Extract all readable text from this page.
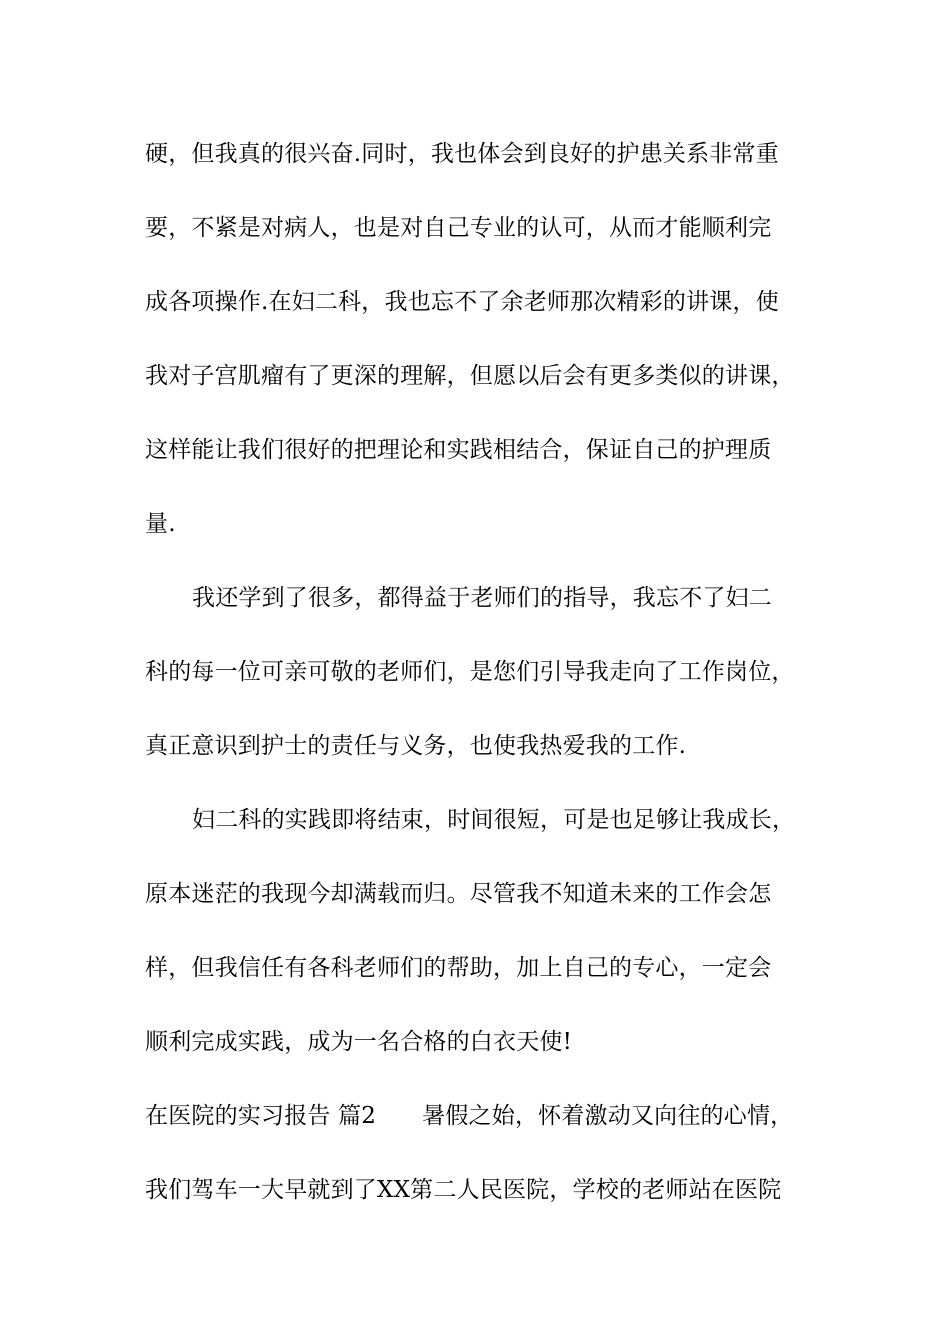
硬，但我真的很兴奋.同时，我也体会到良好的护患关系非常重
要，不紧是对病人，也是对自己专业的认可，从而才能顺利完
成各项操作.在妇二科，我也忘不了余老师那次精彩的讲课，使
我对子宫肌瘤有了更深的理解，但愿以后会有更多类似的讲课，
这样能让我们很好的把理论和实践相结合，保证自己的护理质
量.
我还学到了很多，都得益于老师们的指导，我忘不了妇二
科的每一位可亲可敬的老师们，是您们引导我走向了工作岗位，
真正意识到护士的责任与义务，也使我热爱我的工作.
妇二科的实践即将结束，时间很短，可是也足够让我成长，
原本迷茫的我现今却满载而归。尽管我不知道未来的工作会怎
样，但我信任有各科老师们的帮助，加上自己的专心，一定会
顺利完成实践，成为一名合格的白衣天使!
在医院的实习报告 篇2 暑假之始，怀着激动又向往的心情，
我们驾车一大早就到了XX第二人民医院，学校的老师站在医院
